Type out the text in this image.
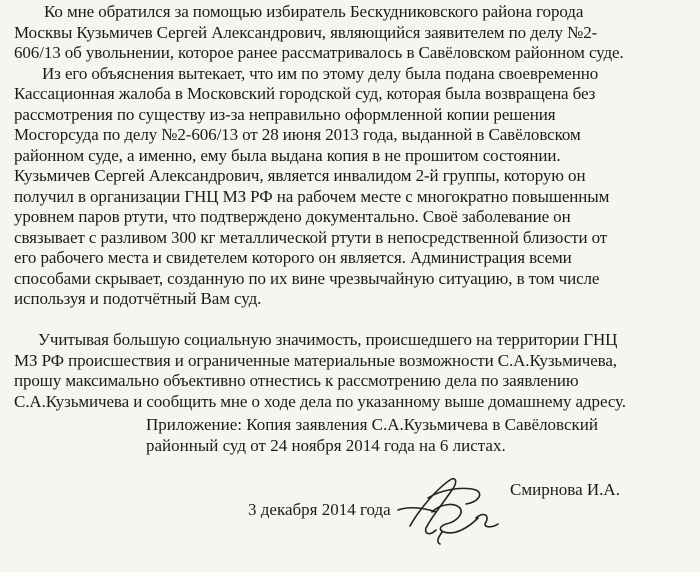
Ко мне обратился за помощью избиратель Бескудниковского района города
Москвы Кузьмичев Сергей Александрович, являющийся заявителем по делу №2-
606/13 об увольнении, которое ранее рассматривалось в Савёловском районном суде.
Из его объяснения вытекает, что им по этому делу была подана своевременно
Кассационная жалоба в Московский городской суд, которая была возвращена без
рассмотрения по существу из-за неправильно оформленной копии решения
Мосгорсуда по делу №2-606/13 от 28 июня 2013 года, выданной в Савёловском
районном суде, а именно, ему была выдана копия в не прошитом состоянии.
Кузьмичев Сергей Александрович, является инвалидом 2-й группы, которую он
получил в организации ГНЦ МЗ РФ на рабочем месте с многократно повышенным
уровнем паров ртути, что подтверждено документально. Своё заболевание он
связывает с разливом 300 кг металлической ртути в непосредственной близости от
его рабочего места и свидетелем которого он является. Администрация всеми
способами скрывает, созданную по их вине чрезвычайную ситуацию, в том числе
используя и подотчётный Вам суд.
Учитывая большую социальную значимость, происшедшего на территории ГНЦ
МЗ РФ происшествия и ограниченные материальные возможности С.А.Кузьмичева,
прошу максимально объективно отнестись к рассмотрению дела по заявлению
С.А.Кузьмичева и сообщить мне о ходе дела по указанному выше домашнему адресу.
Приложение: Копия заявления С.А.Кузьмичева в Савёловский
районный суд от 24 ноября 2014 года на 6 листах.
Смирнова И.А.
3 декабря 2014 года
